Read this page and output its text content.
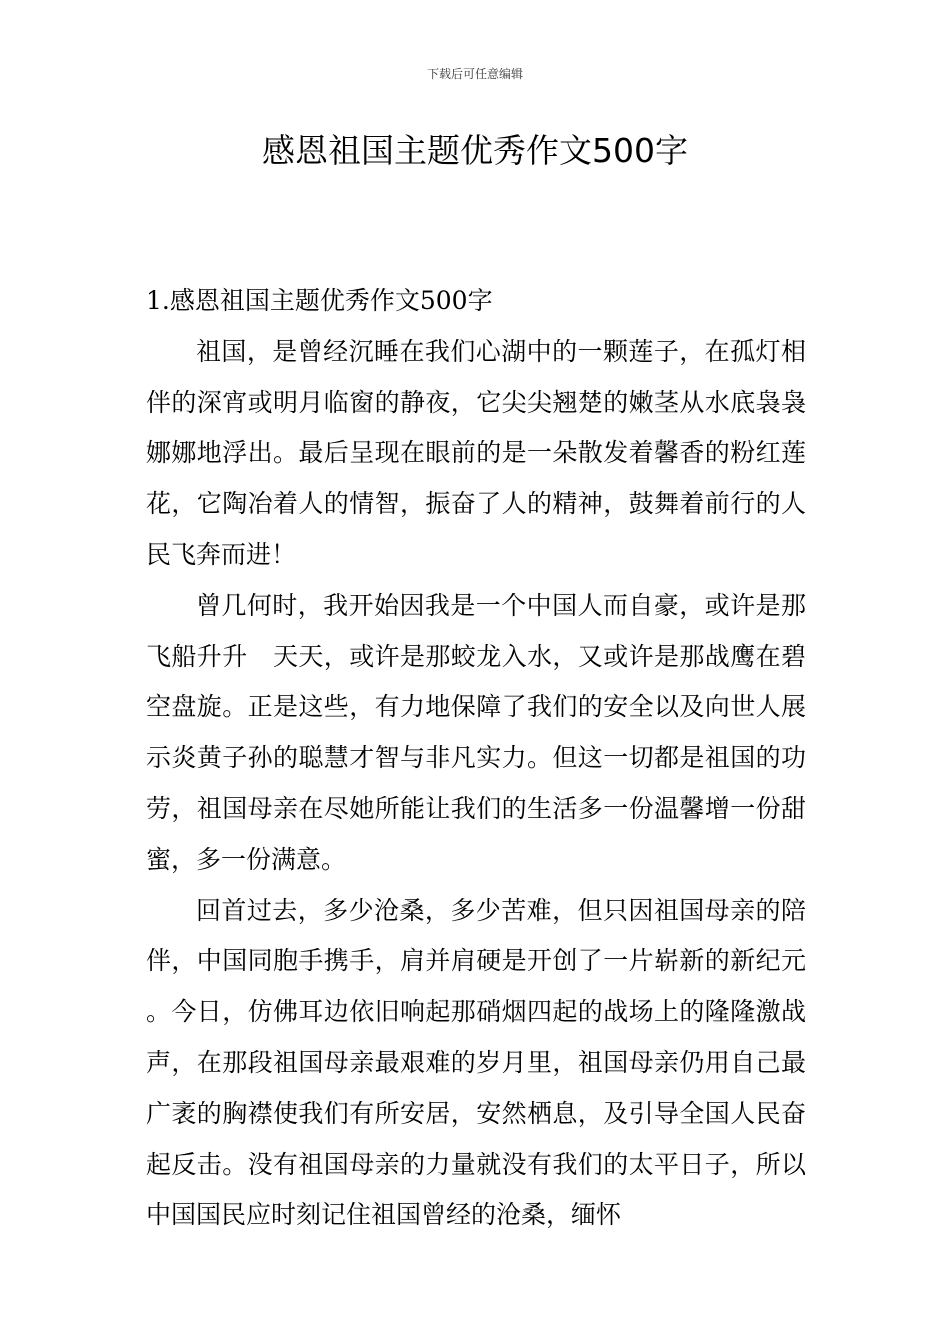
下载后可任意编辑
感恩祖国主题优秀作文500字

1.感恩祖国主题优秀作文500字

祖国，是曾经沉睡在我们心湖中的一颗莲子，在孤灯相伴的深宵或明月临窗的静夜，它尖尖翘楚的嫩茎从水底袅袅娜娜地浮出。最后呈现在眼前的是一朵散发着馨香的粉红莲花，它陶冶着人的情智，振奋了人的精神，鼓舞着前行的人民飞奔而进！

曾几何时，我开始因我是一个中国人而自豪，或许是那飞船升升　天天，或许是那蛟龙入水，又或许是那战鹰在碧空盘旋。正是这些，有力地保障了我们的安全以及向世人展示炎黄子孙的聪慧才智与非凡实力。但这一切都是祖国的功劳，祖国母亲在尽她所能让我们的生活多一份温馨增一份甜蜜，多一份满意。

回首过去，多少沧桑，多少苦难，但只因祖国母亲的陪伴，中国同胞手携手，肩并肩硬是开创了一片崭新的新纪元。今日，仿佛耳边依旧响起那硝烟四起的战场上的隆隆激战声，在那段祖国母亲最艰难的岁月里，祖国母亲仍用自己最广袤的胸襟使我们有所安居，安然栖息，及引导全国人民奋起反击。没有祖国母亲的力量就没有我们的太平日子，所以中国国民应时刻记住祖国曾经的沧桑，缅怀
